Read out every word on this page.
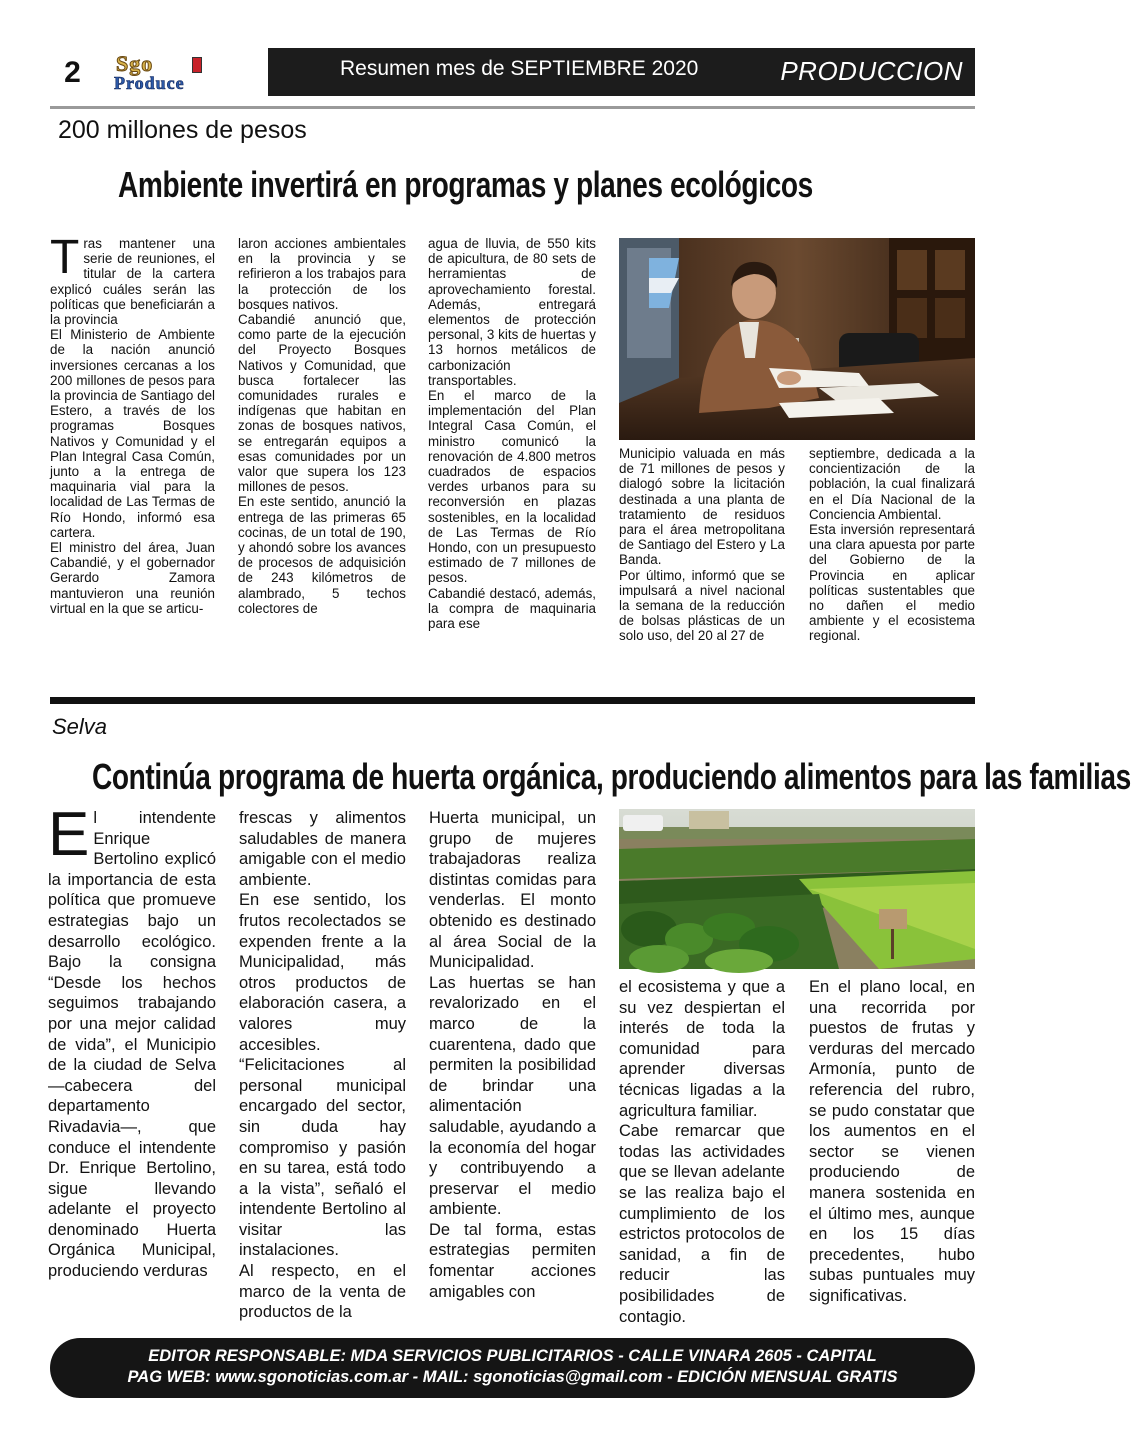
2	Sgo
Produce
Resumen mes de SEPTIEMBRE 2020	PRODUCCION
200 millones de pesos
Ambiente invertirá en programas y planes ecológicos
T ras mantener una serie de reuniones, el titular de la cartera explicó cuáles serán las políticas que beneficiarán a la provincia

El Ministerio de Ambiente de la nación anunció inversiones cercanas a los 200 millones de pesos para la provincia de Santiago del Estero, a través de los programas Bosques Nativos y Comunidad y el Plan Integral Casa Común, junto a la entrega de maquinaria vial para la localidad de Las Termas de Río Hondo, informó esa cartera.

El ministro del área, Juan Cabandié, y el gobernador Gerardo Zamora mantuvieron una reunión virtual en la que se articu-

laron acciones ambientales en la provincia y se refirieron a los trabajos para la protección de los bosques nativos.

Cabandié anunció que, como parte de la ejecución del Proyecto Bosques Nativos y Comunidad, que busca fortalecer las comunidades rurales e indígenas que habitan en zonas de bosques nativos, se entregarán equipos a esas comunidades por un valor que supera los 123 millones de pesos.

En este sentido, anunció la entrega de las primeras 65 cocinas, de un total de 190, y ahondó sobre los avances de procesos de adquisición de 243 kilómetros de alambrado, 5 techos colectores de

agua de lluvia, de 550 kits de apicultura, de 80 sets de herramientas de aprovechamiento forestal. Además, entregará elementos de protección personal, 3 kits de huertas y 13 hornos metálicos de carbonización transportables.

En el marco de la implementación del Plan Integral Casa Común, el ministro comunicó la renovación de 4.800 metros cuadrados de espacios verdes urbanos para su reconversión en plazas sostenibles, en la localidad de Las Termas de Río Hondo, con un presupuesto estimado de 7 millones de pesos.

Cabandié destacó, además, la compra de maquinaria para ese

Municipio valuada en más de 71 millones de pesos y dialogó sobre la licitación destinada a una planta de tratamiento de residuos para el área metropolitana de Santiago del Estero y La Banda.

Por último, informó que se impulsará a nivel nacional la semana de la reducción de bolsas plásticas de un solo uso, del 20 al 27 de

septiembre, dedicada a la concientización de la población, la cual finalizará en el Día Nacional de la Conciencia Ambiental.

Esta inversión representará una clara apuesta por parte del Gobierno de la Provincia en aplicar políticas sustentables que no dañen el medio ambiente y el ecosistema regional.

Selva
Continúa programa de huerta orgánica, produciendo alimentos para las familias
E l intendente Enrique Bertolino explicó la importancia de esta política que promueve estrategias bajo un desarrollo ecológico. Bajo la consigna “Desde los hechos seguimos trabajando por una mejor calidad de vida”, el Municipio de la ciudad de Selva —cabecera del departamento Rivadavia—, que conduce el intendente Dr. Enrique Bertolino, sigue llevando adelante el proyecto denominado Huerta Orgánica Municipal, produciendo verduras

frescas y alimentos saludables de manera amigable con el medio ambiente.

En ese sentido, los frutos recolectados se expenden frente a la Municipalidad, más otros productos de elaboración casera, a valores muy accesibles.

“Felicitaciones al personal municipal encargado del sector, sin duda hay compromiso y pasión en su tarea, está todo a la vista”, señaló el intendente Bertolino al visitar las instalaciones.

Al respecto, en el marco de la venta de productos de la

Huerta municipal, un grupo de mujeres trabajadoras realiza distintas comidas para venderlas. El monto obtenido es destinado al área Social de la Municipalidad.

Las huertas se han revalorizado en el marco de la cuarentena, dado que permiten la posibilidad de brindar una alimentación saludable, ayudando a la economía del hogar y contribuyendo a preservar el medio ambiente.

De tal forma, estas estrategias permiten fomentar acciones amigables con

el ecosistema y que a su vez despiertan el interés de toda la comunidad para aprender diversas técnicas ligadas a la agricultura familiar.

Cabe remarcar que todas las actividades que se llevan adelante se las realiza bajo el cumplimiento de los estrictos protocolos de sanidad, a fin de reducir las posibilidades de contagio.

En el plano local, en una recorrida por puestos de frutas y verduras del mercado Armonía, punto de referencia del rubro, se pudo constatar que los aumentos en el sector se vienen produciendo de manera sostenida en el último mes, aunque en los 15 días precedentes, hubo subas puntuales muy significativas.

EDITOR RESPONSABLE: MDA SERVICIOS PUBLICITARIOS - CALLE VINARA 2605 - CAPITAL
PAG WEB: www.sgonoticias.com.ar - MAIL: sgonoticias@gmail.com - EDICIÓN MENSUAL GRATIS
